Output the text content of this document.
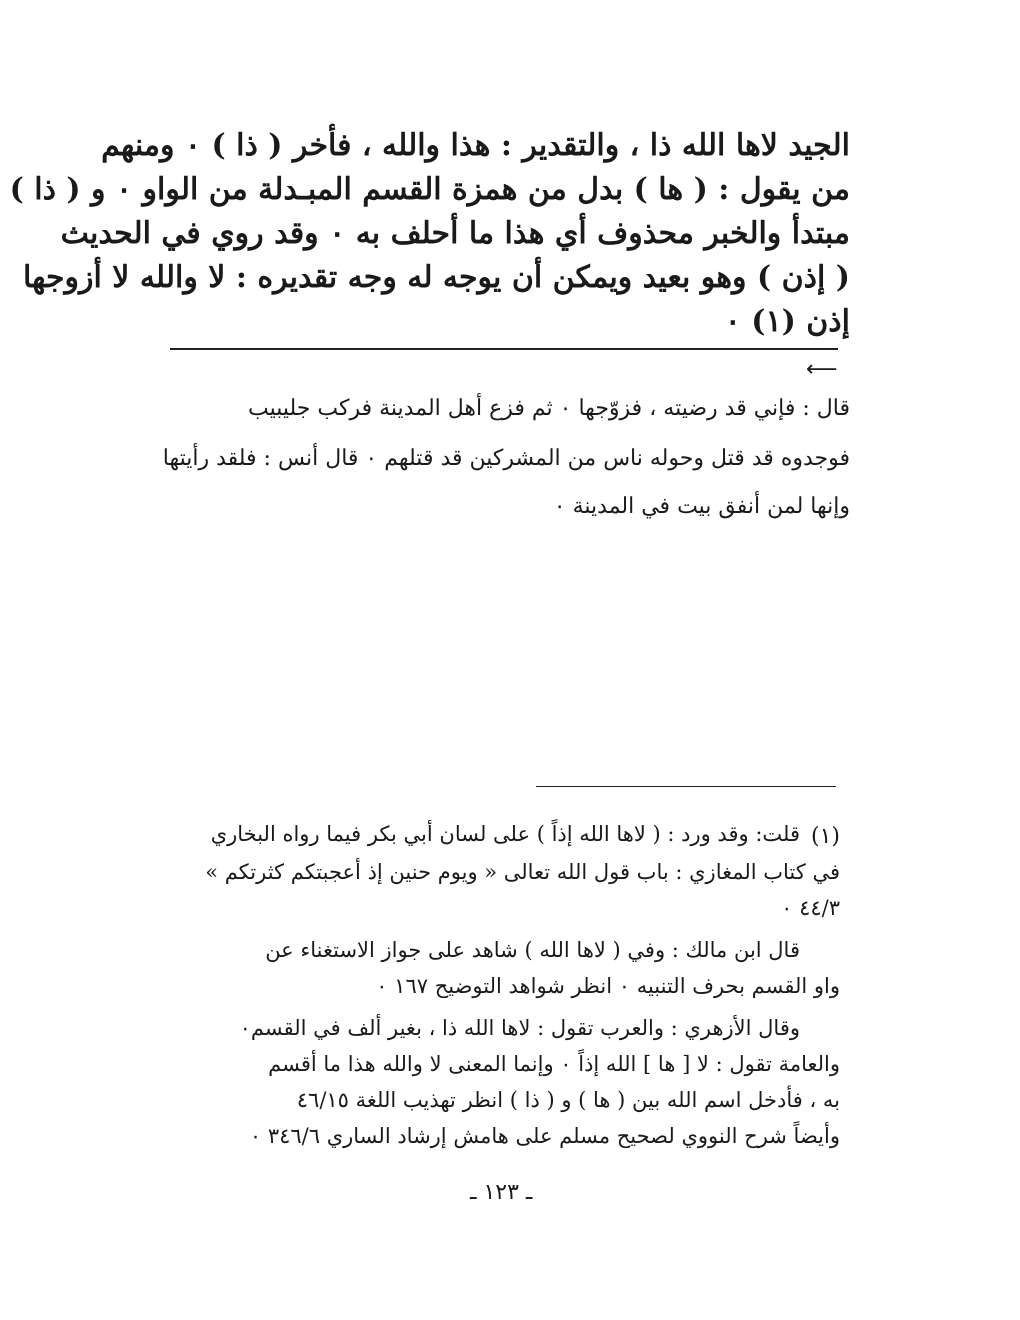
الجيد لاها الله ذا ، والتقدير : هذا والله ، فأخر ( ذا ) ٠ ومنهم
من يقول : ( ها ) بدل من همزة القسم المبـدلة من الواو ٠ و ( ذا )
مبتدأ والخبر محذوف أي هذا ما أحلف به ٠ وقد روي في الحديث
( إذن ) وهو بعيد ويمكن أن يوجه له وجه تقديره : لا والله لا أزوجها
إذن (١) ٠
⟵
قال : فإني قد رضيته ، فزوّجها ٠ ثم فزع أهل المدينة فركب جليبيب
فوجدوه قد قتل وحوله ناس من المشركين قد قتلهم ٠ قال أنس : فلقد رأيتها
وإنها لمن أنفق بيت في المدينة ٠
(١)
قلت: وقد ورد : ( لاها الله إذاً ) على لسان أبي بكر فيما رواه البخاري
في كتاب المغازي : باب قول الله تعالى « ويوم حنين إذ أعجبتكم كثرتكم »
٤٤/٣ ٠
قال ابن مالك : وفي ( لاها الله ) شاهد على جواز الاستغناء عن
واو القسم بحرف التنبيه ٠ انظر شواهد التوضيح ١٦٧ ٠
وقال الأزهري : والعرب تقول : لاها الله ذا ، بغير ألف في القسم٠
والعامة تقول : لا [ ها ] الله إذاً ٠ وإنما المعنى لا والله هذا ما أقسم
به ، فأدخل اسم الله بين ( ها ) و ( ذا ) انظر تهذيب اللغة ٤٦/١٥
وأيضاً شرح النووي لصحيح مسلم على هامش إرشاد الساري ٣٤٦/٦ ٠
ـ ١٢٣ ـ
